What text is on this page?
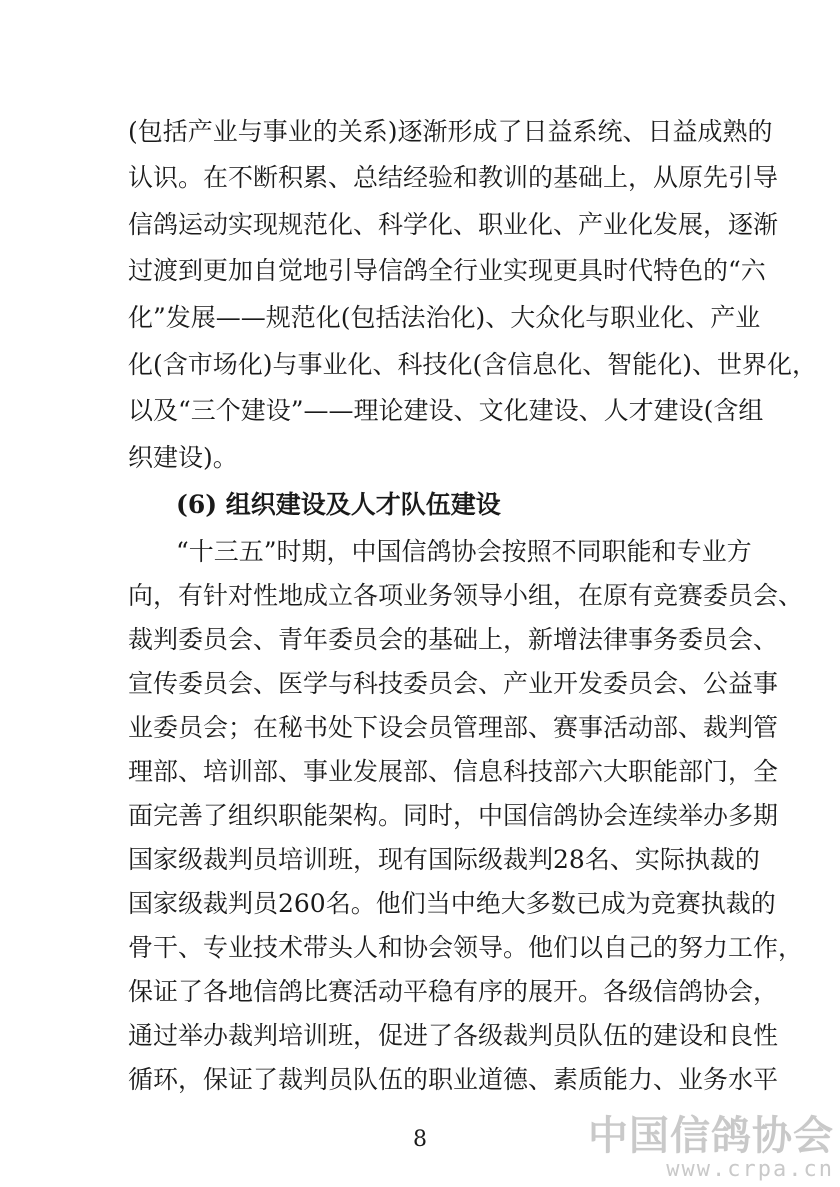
(包括产业与事业的关系)逐渐形成了日益系统、日益成熟的
认识。在不断积累、总结经验和教训的基础上，从原先引导
信鸽运动实现规范化、科学化、职业化、产业化发展，逐渐
过渡到更加自觉地引导信鸽全行业实现更具时代特色的“六
化”发展——规范化(包括法治化)、大众化与职业化、产业
化(含市场化)与事业化、科技化(含信息化、智能化)、世界化，
以及“三个建设”——理论建设、文化建设、人才建设(含组
织建设)。
(6) 组织建设及人才队伍建设
“十三五”时期，中国信鸽协会按照不同职能和专业方
向，有针对性地成立各项业务领导小组，在原有竞赛委员会、
裁判委员会、青年委员会的基础上，新增法律事务委员会、
宣传委员会、医学与科技委员会、产业开发委员会、公益事
业委员会；在秘书处下设会员管理部、赛事活动部、裁判管
理部、培训部、事业发展部、信息科技部六大职能部门，全
面完善了组织职能架构。同时，中国信鸽协会连续举办多期
国家级裁判员培训班，现有国际级裁判28名、实际执裁的
国家级裁判员260名。他们当中绝大多数已成为竞赛执裁的
骨干、专业技术带头人和协会领导。他们以自己的努力工作，
保证了各地信鸽比赛活动平稳有序的展开。各级信鸽协会，
通过举办裁判培训班，促进了各级裁判员队伍的建设和良性
循环，保证了裁判员队伍的职业道德、素质能力、业务水平
8	中国信鸽协会
www.crpa.cn
